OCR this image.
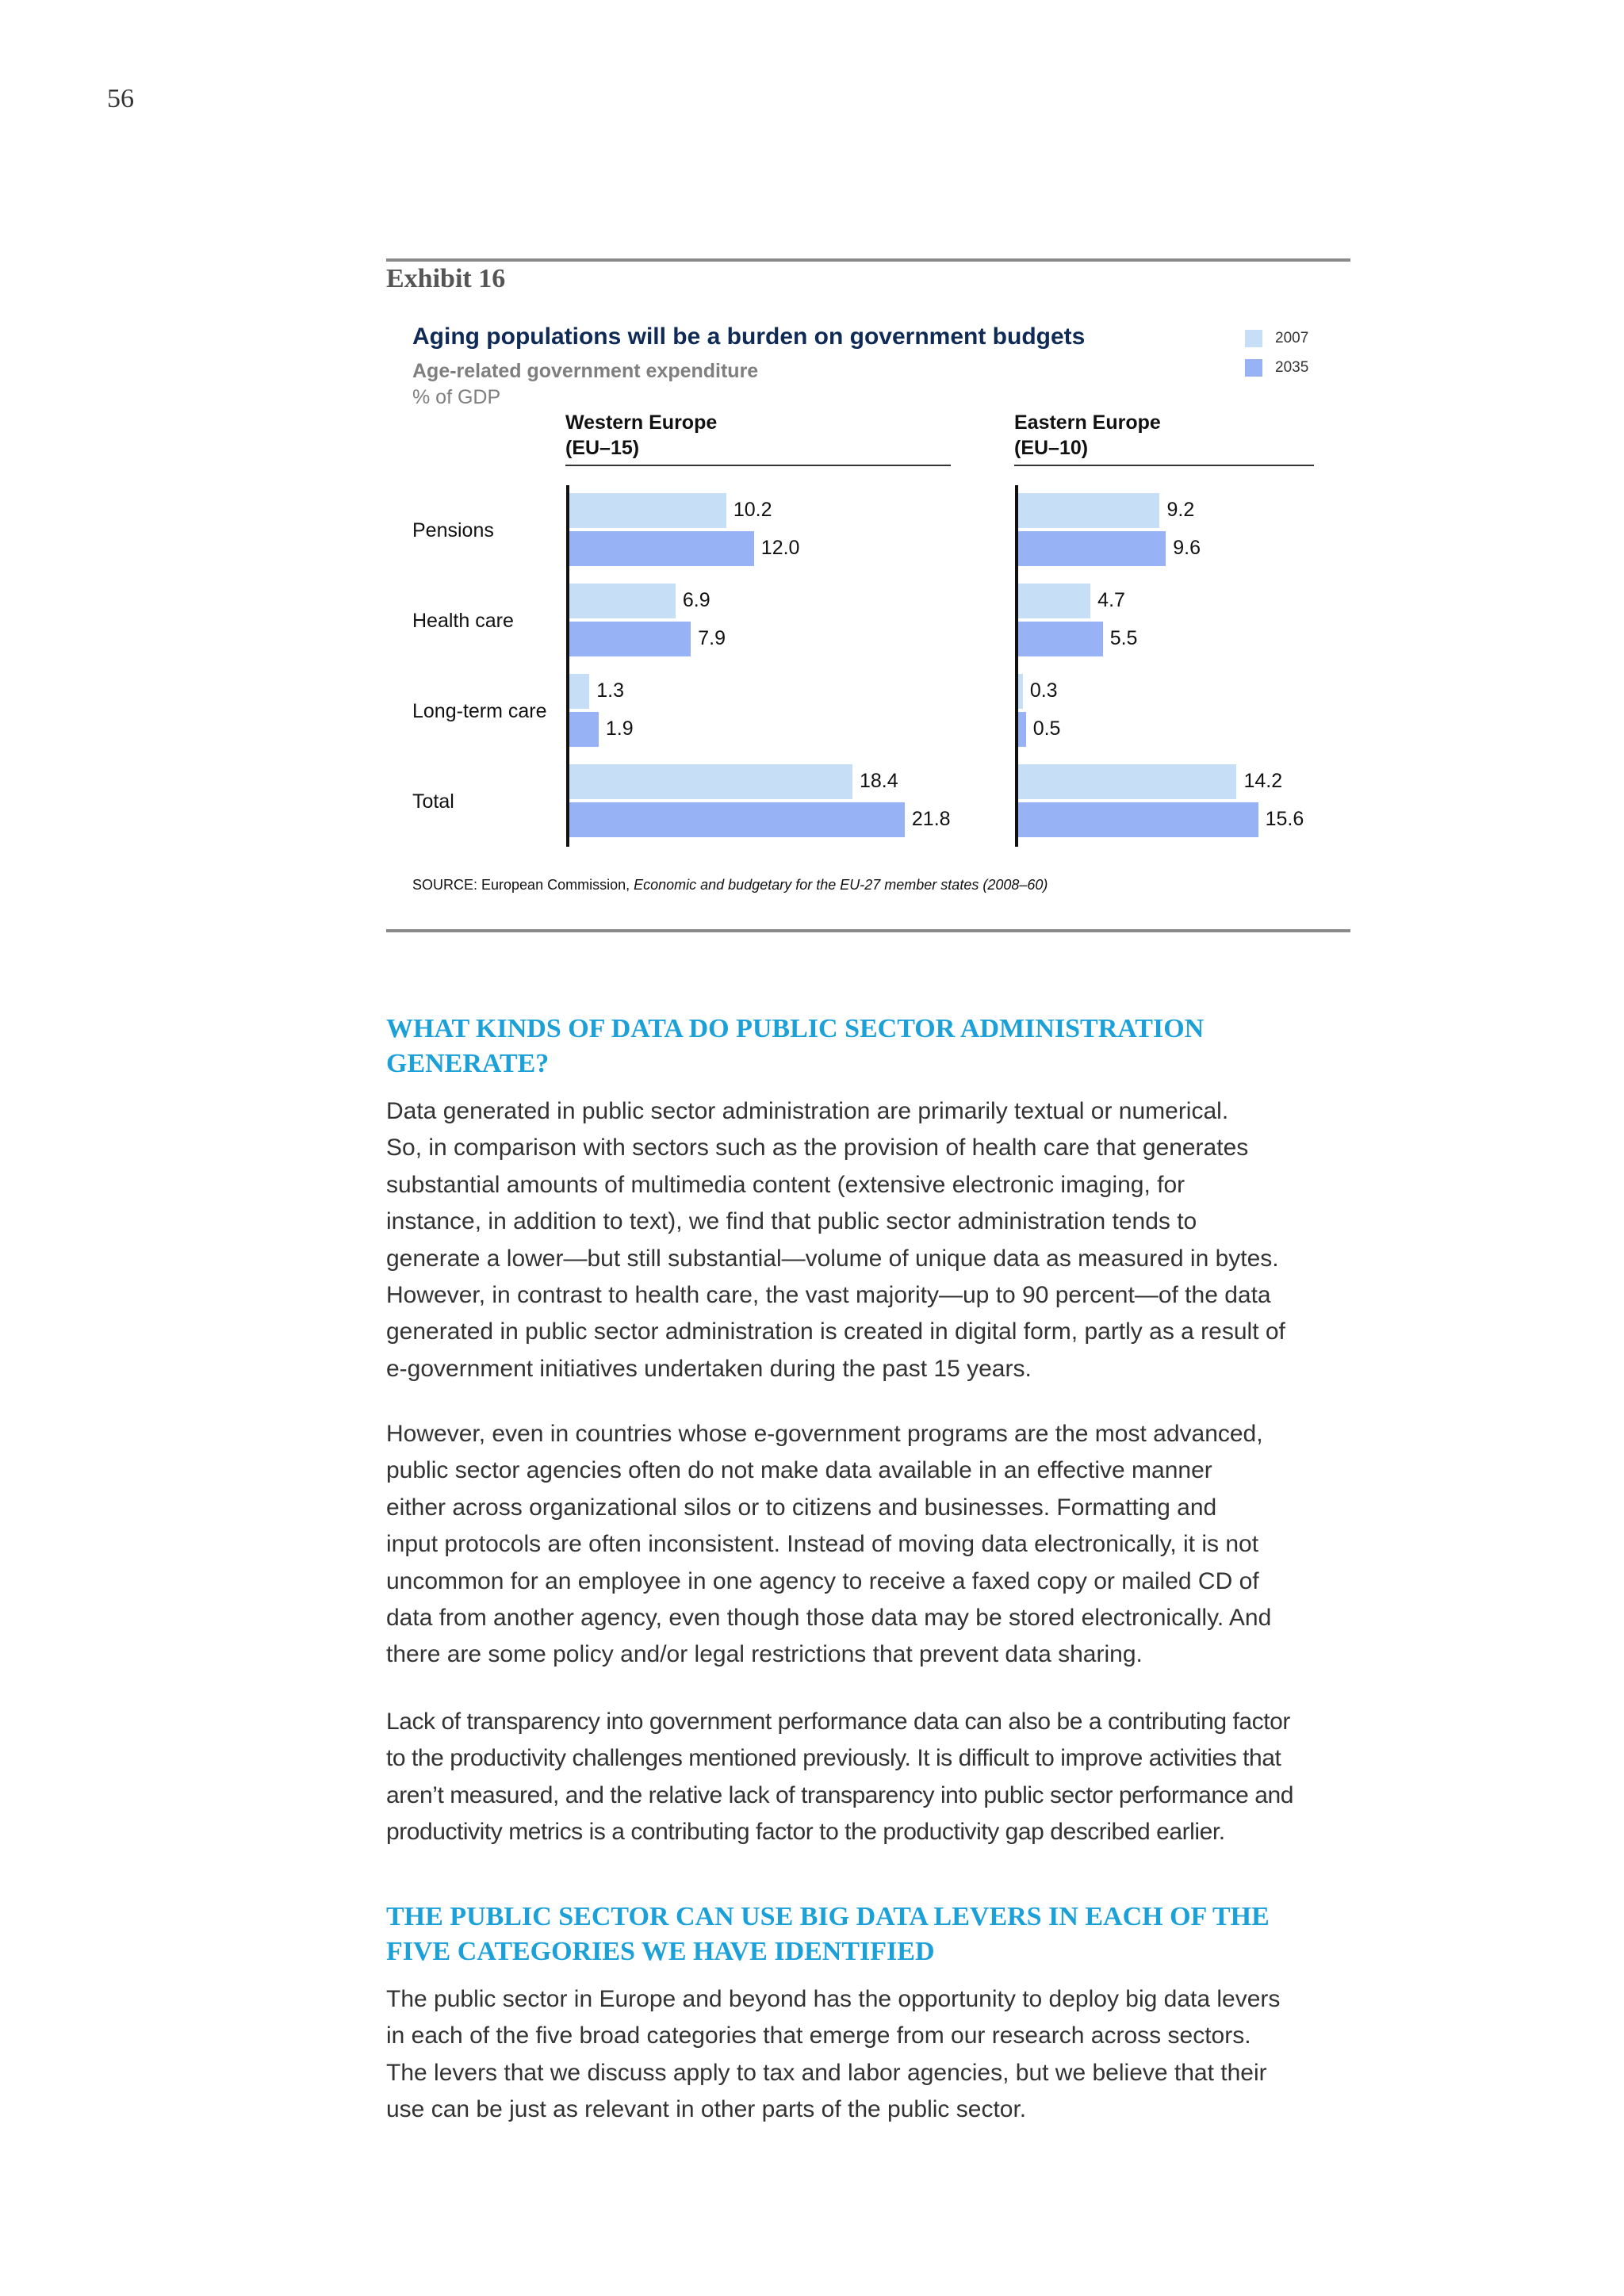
56
Exhibit 16
Aging populations will be a burden on government budgets
Age-related government expenditure
% of GDP
2007
2035
Western Europe
(EU–15)
Eastern Europe
(EU–10)
Pensions
Health care
Long-term care
Total
10.2
6.9
1.3
18.4
12.0
7.9
1.9
21.8
9.2
4.7
0.3
14.2
9.6
5.5
0.5
15.6
SOURCE: European Commission, Economic and budgetary for the EU-27 member states (2008–60)
WHAT KINDS OF DATA DO PUBLIC SECTOR ADMINISTRATION
GENERATE?

Data generated in public sector administration are primarily textual or numerical.
So, in comparison with sectors such as the provision of health care that generates
substantial amounts of multimedia content (extensive electronic imaging, for
instance, in addition to text), we find that public sector administration tends to
generate a lower—but still substantial—volume of unique data as measured in bytes.
However, in contrast to health care, the vast majority—up to 90 percent—of the data
generated in public sector administration is created in digital form, partly as a result of
e-government initiatives undertaken during the past 15 years.

However, even in countries whose e-government programs are the most advanced,
public sector agencies often do not make data available in an effective manner
either across organizational silos or to citizens and businesses. Formatting and
input protocols are often inconsistent. Instead of moving data electronically, it is not
uncommon for an employee in one agency to receive a faxed copy or mailed CD of
data from another agency, even though those data may be stored electronically. And
there are some policy and/or legal restrictions that prevent data sharing.

Lack of transparency into government performance data can also be a contributing factor
to the productivity challenges mentioned previously. It is difficult to improve activities that
aren’t measured, and the relative lack of transparency into public sector performance and
productivity metrics is a contributing factor to the productivity gap described earlier.

THE PUBLIC SECTOR CAN USE BIG DATA LEVERS IN EACH OF THE
FIVE CATEGORIES WE HAVE IDENTIFIED

The public sector in Europe and beyond has the opportunity to deploy big data levers
in each of the five broad categories that emerge from our research across sectors.
The levers that we discuss apply to tax and labor agencies, but we believe that their
use can be just as relevant in other parts of the public sector.
